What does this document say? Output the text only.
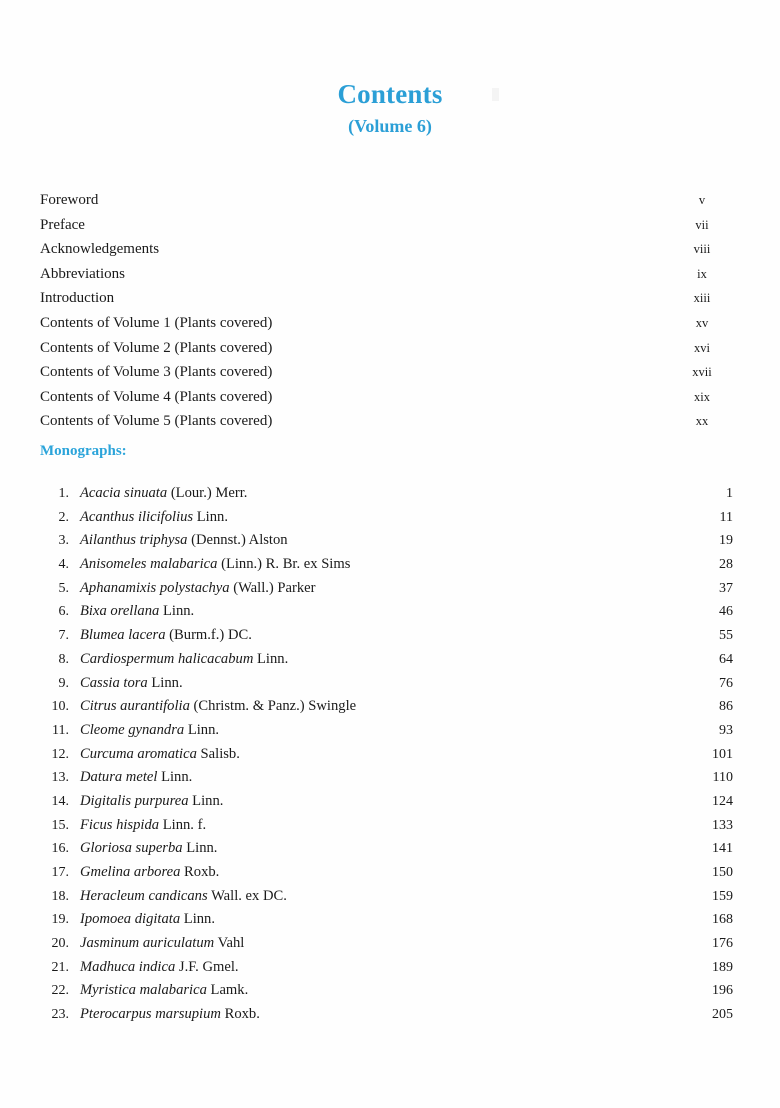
Contents
(Volume 6)
Foreword	v
Preface	vii
Acknowledgements	viii
Abbreviations	ix
Introduction	xiii
Contents of Volume 1 (Plants covered)	xv
Contents of Volume 2 (Plants covered)	xvi
Contents of Volume 3 (Plants covered)	xvii
Contents of Volume 4 (Plants covered)	xix
Contents of Volume 5 (Plants covered)	xx
Monographs:
1. Acacia sinuata (Lour.) Merr.	1
2. Acanthus ilicifolius Linn.	11
3. Ailanthus triphysa (Dennst.) Alston	19
4. Anisomeles malabarica (Linn.) R. Br. ex Sims	28
5. Aphanamixis polystachya (Wall.) Parker	37
6. Bixa orellana Linn.	46
7. Blumea lacera (Burm.f.) DC.	55
8. Cardiospermum halicacabum Linn.	64
9. Cassia tora Linn.	76
10. Citrus aurantifolia (Christm. & Panz.) Swingle	86
11. Cleome gynandra Linn.	93
12. Curcuma aromatica Salisb.	101
13. Datura metel Linn.	110
14. Digitalis purpurea Linn.	124
15. Ficus hispida Linn. f.	133
16. Gloriosa superba Linn.	141
17. Gmelina arborea Roxb.	150
18. Heracleum candicans Wall. ex DC.	159
19. Ipomoea digitata Linn.	168
20. Jasminum auriculatum Vahl	176
21. Madhuca indica J.F. Gmel.	189
22. Myristica malabarica Lamk.	196
23. Pterocarpus marsupium Roxb.	205
